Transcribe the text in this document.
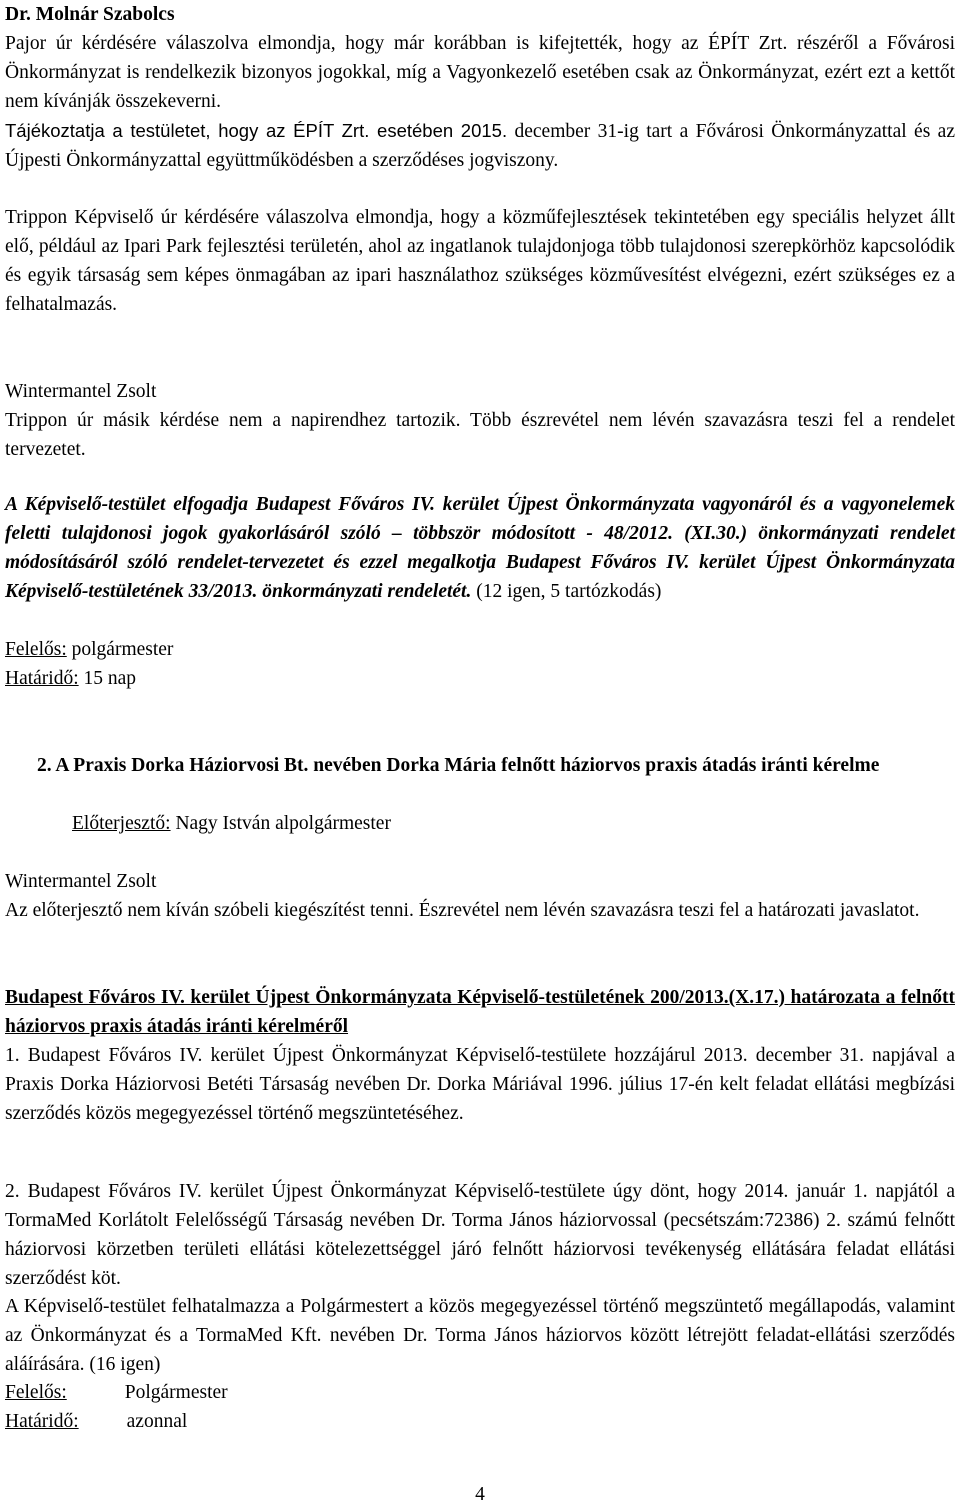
Dr. Molnár Szabolcs

Pajor úr kérdésére válaszolva elmondja, hogy már korábban is kifejtették, hogy az ÉPÍT Zrt. részéről a Fővárosi Önkormányzat is rendelkezik bizonyos jogokkal, míg a Vagyonkezelő esetében csak az Önkormányzat, ezért ezt a kettőt nem kívánják összekeverni.

Tájékoztatja a testületet, hogy az ÉPÍT Zrt. esetében 2015. december 31-ig tart a Fővárosi Önkormányzattal és az Újpesti Önkormányzattal együttműködésben a szerződéses jogviszony.

Trippon Képviselő úr kérdésére válaszolva elmondja, hogy a közműfejlesztések tekintetében egy speciális helyzet állt elő, például az Ipari Park fejlesztési területén, ahol az ingatlanok tulajdonjoga több tulajdonosi szerepkörhöz kapcsolódik és egyik társaság sem képes önmagában az ipari használathoz szükséges közművesítést elvégezni, ezért szükséges ez a felhatalmazás.

Wintermantel Zsolt

Trippon úr másik kérdése nem a napirendhez tartozik. Több észrevétel nem lévén szavazásra teszi fel a rendelet tervezetet.

A Képviselő-testület elfogadja Budapest Főváros IV. kerület Újpest Önkormányzata vagyonáról és a vagyonelemek feletti tulajdonosi jogok gyakorlásáról szóló – többször módosított - 48/2012. (XI.30.) önkormányzati rendelet módosításáról szóló rendelet-tervezetet és ezzel megalkotja Budapest Főváros IV. kerület Újpest Önkormányzata Képviselő-testületének 33/2013. önkormányzati rendeletét. (12 igen, 5 tartózkodás)

Felelős: polgármester
Határidő: 15 nap

2. A Praxis Dorka Háziorvosi Bt. nevében Dorka Mária felnőtt háziorvos praxis átadás iránti kérelme

Előterjesztő: Nagy István alpolgármester
Wintermantel Zsolt

Az előterjesztő nem kíván szóbeli kiegészítést tenni. Észrevétel nem lévén szavazásra teszi fel a határozati javaslatot.

Budapest Főváros IV. kerület Újpest Önkormányzata Képviselő-testületének 200/2013.(X.17.) határozata a felnőtt háziorvos praxis átadás iránti kérelméről

1. Budapest Főváros IV. kerület Újpest Önkormányzat Képviselő-testülete hozzájárul 2013. december 31. napjával a Praxis Dorka Háziorvosi Betéti Társaság nevében Dr. Dorka Máriával 1996. július 17-én kelt feladat ellátási megbízási szerződés közös megegyezéssel történő megszüntetéséhez.

2. Budapest Főváros IV. kerület Újpest Önkormányzat Képviselő-testülete úgy dönt, hogy 2014. január 1. napjától a TormaMed Korlátolt Felelősségű Társaság nevében Dr. Torma János háziorvossal (pecsétszám:72386) 2. számú felnőtt háziorvosi körzetben területi ellátási kötelezettséggel járó felnőtt háziorvosi tevékenység ellátására feladat ellátási szerződést köt.

A Képviselő-testület felhatalmazza a Polgármestert a közös megegyezéssel történő megszüntető megállapodás, valamint az Önkormányzat és a TormaMed Kft. nevében Dr. Torma János háziorvos között létrejött feladat-ellátási szerződés aláírására. (16 igen)

Felelős:	Polgármester
Határidő: azonnal
4
